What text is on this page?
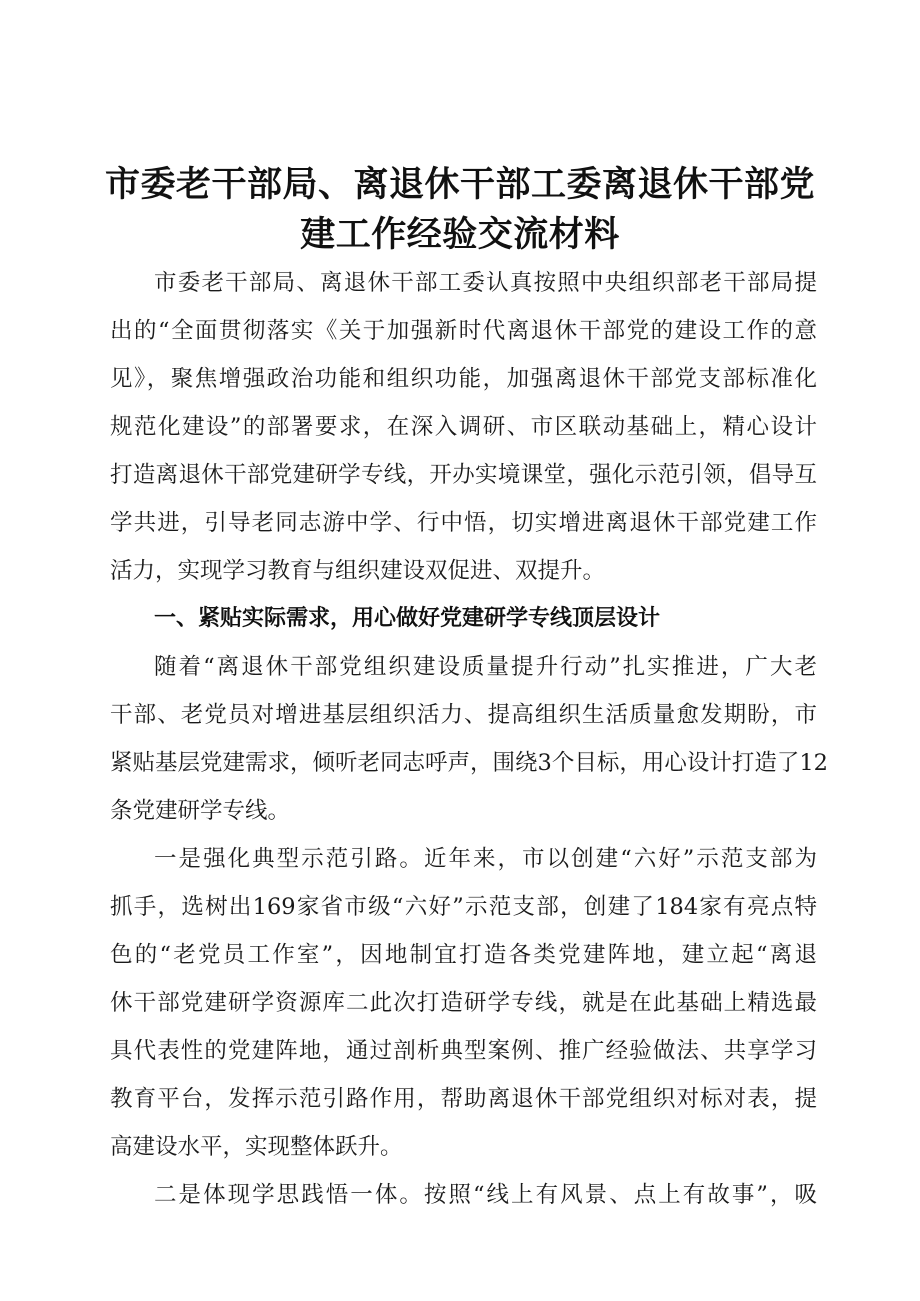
市委老干部局、离退休干部工委离退休干部党
建工作经验交流材料
市委老干部局、离退休干部工委认真按照中央组织部老干部局提
出的“全面贯彻落实《关于加强新时代离退休干部党的建设工作的意
见》，聚焦增强政治功能和组织功能，加强离退休干部党支部标准化
规范化建设”的部署要求，在深入调研、市区联动基础上，精心设计
打造离退休干部党建研学专线，开办实境课堂，强化示范引领，倡导互
学共进，引导老同志游中学、行中悟，切实增进离退休干部党建工作
活力，实现学习教育与组织建设双促进、双提升。
一、紧贴实际需求，用心做好党建研学专线顶层设计
随着“离退休干部党组织建设质量提升行动”扎实推进，广大老
干部、老党员对增进基层组织活力、提高组织生活质量愈发期盼，市
紧贴基层党建需求，倾听老同志呼声，围绕3个目标，用心设计打造了12
条党建研学专线。
一是强化典型示范引路。近年来，市以创建“六好”示范支部为
抓手，选树出169家省市级“六好”示范支部，创建了184家有亮点特
色的“老党员工作室”，因地制宜打造各类党建阵地，建立起“离退
休干部党建研学资源库二此次打造研学专线，就是在此基础上精选最
具代表性的党建阵地，通过剖析典型案例、推广经验做法、共享学习
教育平台，发挥示范引路作用，帮助离退休干部党组织对标对表，提
高建设水平，实现整体跃升。
二是体现学思践悟一体。按照“线上有风景、点上有故事”，吸
